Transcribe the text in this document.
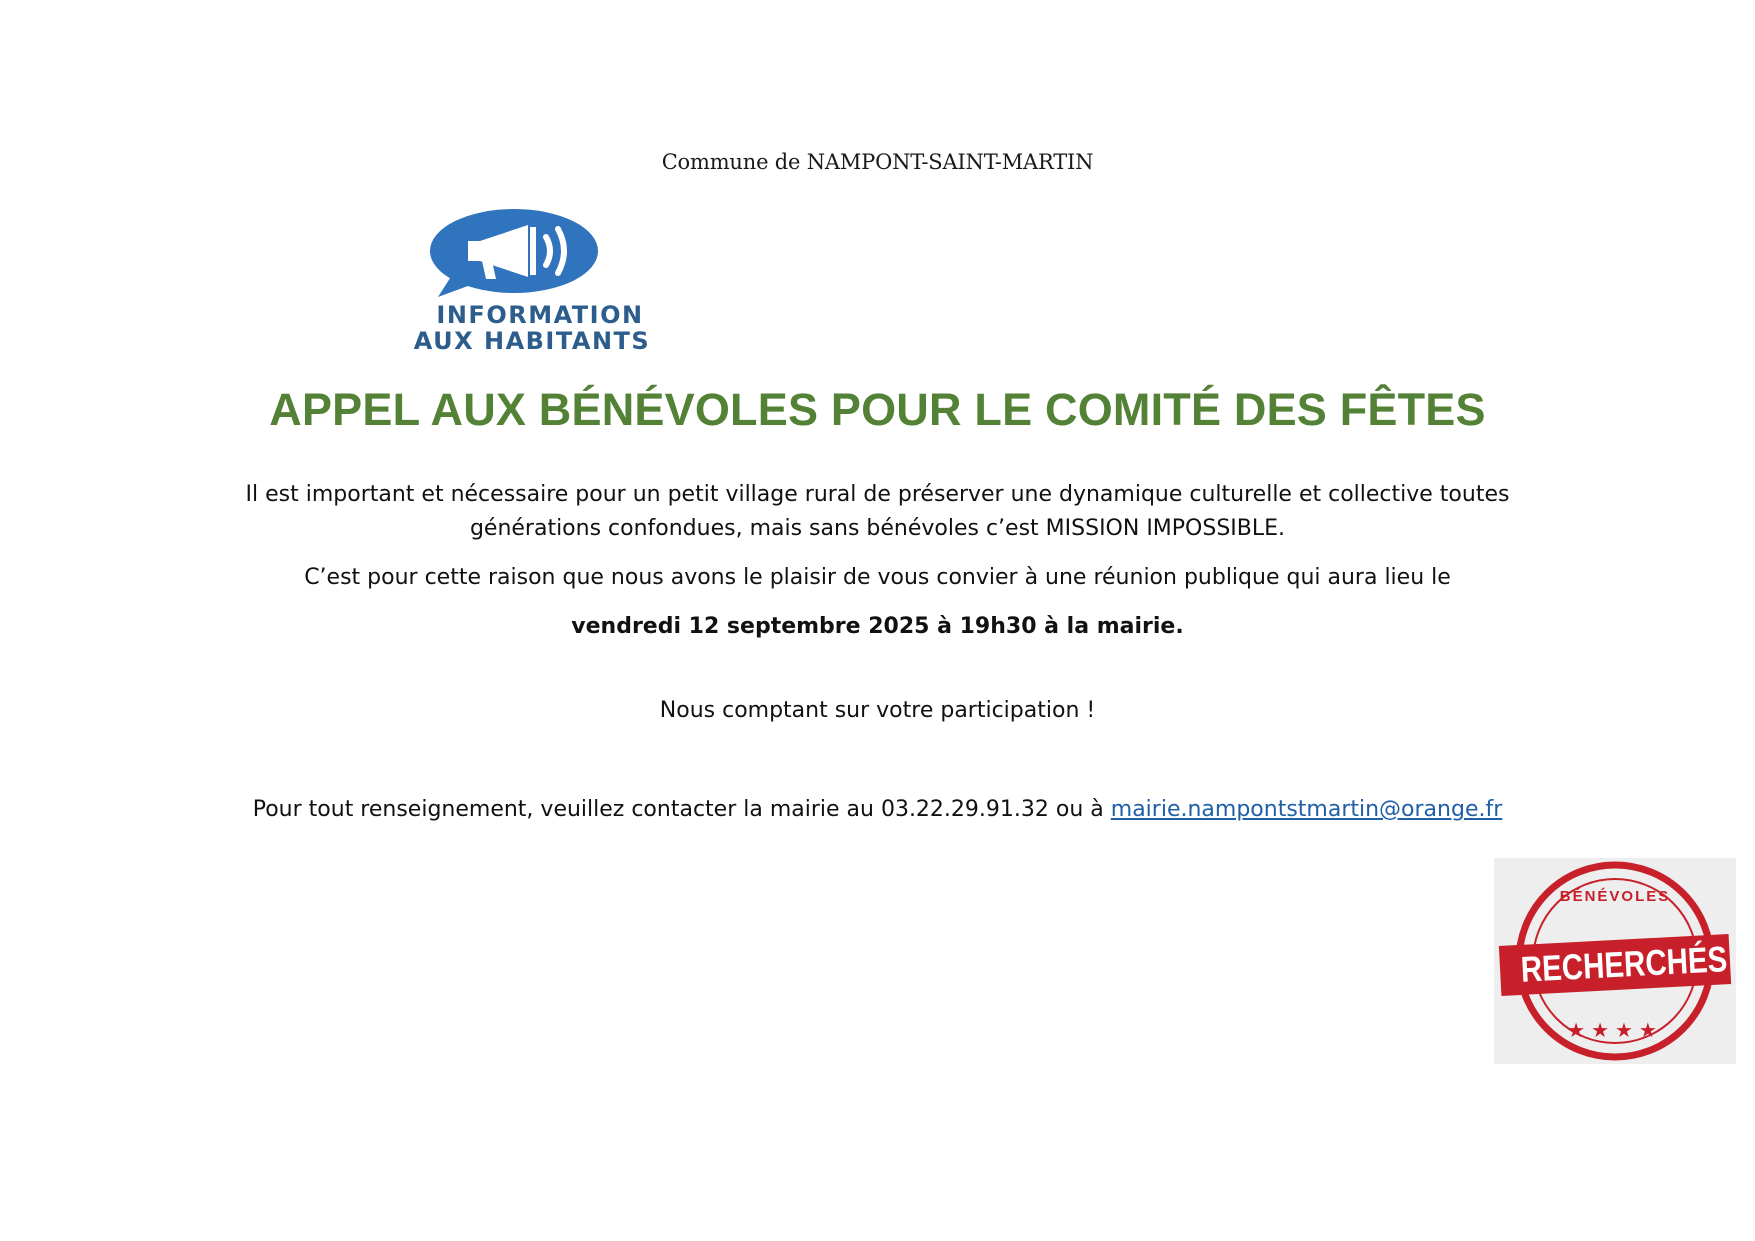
Commune de NAMPONT-SAINT-MARTIN
INFORMATION
AUX HABITANTS
APPEL AUX BÉNÉVOLES POUR LE COMITÉ DES FÊTES
Il est important et nécessaire pour un petit village rural de préserver une dynamique culturelle et collective toutes générations confondues, mais sans bénévoles c’est MISSION IMPOSSIBLE.
C’est pour cette raison que nous avons le plaisir de vous convier à une réunion publique qui aura lieu le
vendredi 12 septembre 2025 à 19h30 à la mairie.
Nous comptant sur votre participation !
Pour tout renseignement, veuillez contacter la mairie au 03.22.29.91.32 ou à mairie.nampontstmartin@orange.fr
BÉNÉVOLES
RECHERCHÉS
★★★★
